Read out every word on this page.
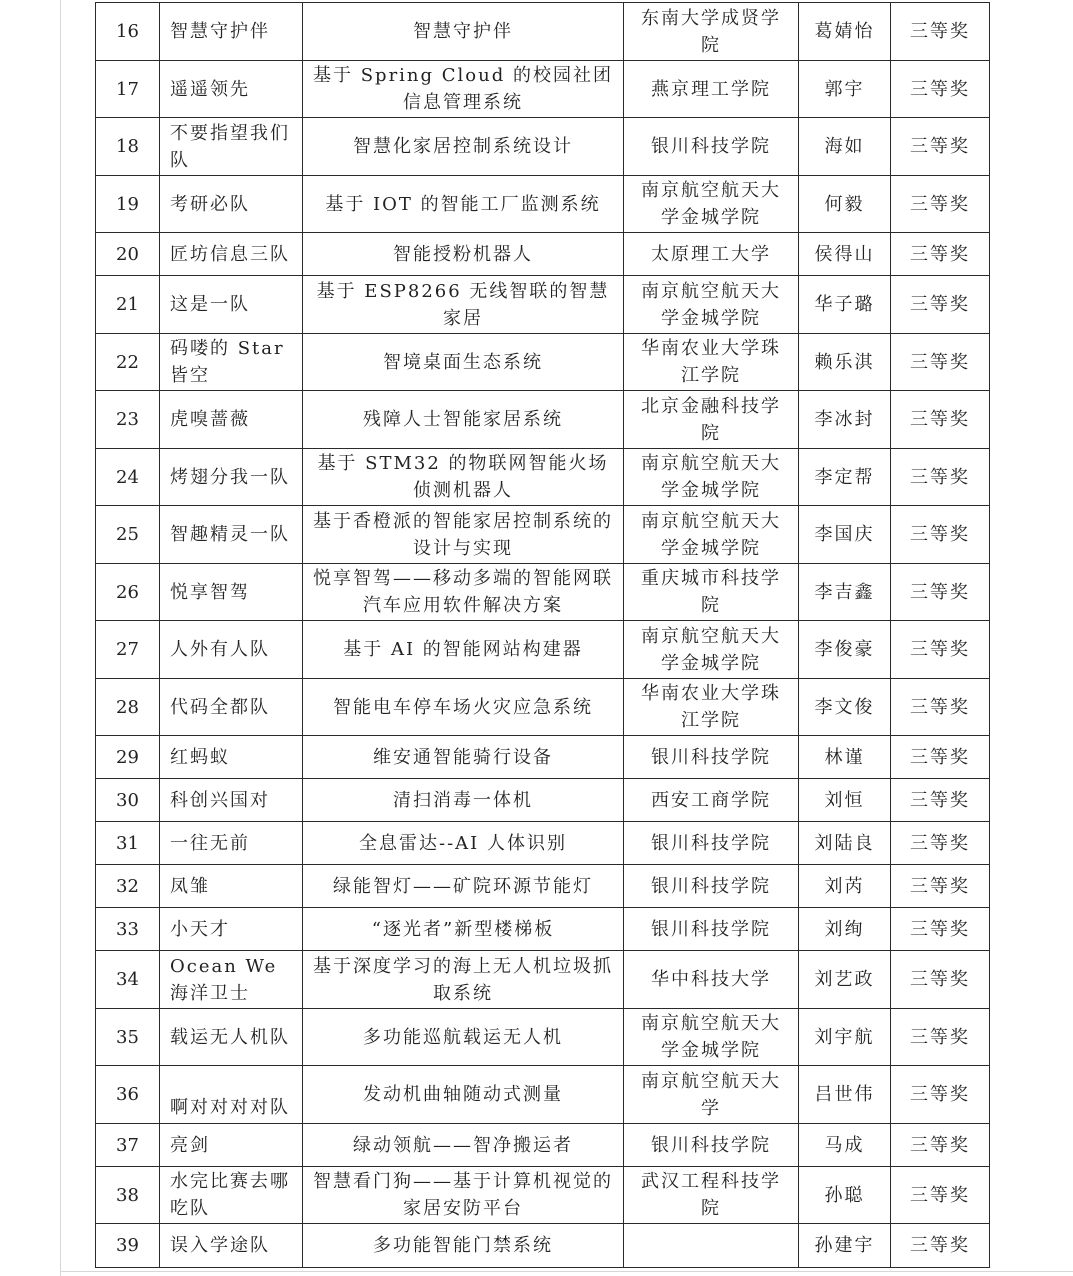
16	智慧守护伴	智慧守护伴	东南大学成贤学院	葛婧怡	三等奖
17	遥遥领先	基于 Spring Cloud 的校园社团信息管理系统	燕京理工学院	郭宇	三等奖
18	不要指望我们队	智慧化家居控制系统设计	银川科技学院	海如	三等奖
19	考研必队	基于 IOT 的智能工厂监测系统	南京航空航天大学金城学院	何毅	三等奖
20	匠坊信息三队	智能授粉机器人	太原理工大学	侯得山	三等奖
21	这是一队	基于 ESP8266 无线智联的智慧家居	南京航空航天大学金城学院	华子璐	三等奖
22	码喽的 Star 皆空	智境桌面生态系统	华南农业大学珠江学院	赖乐淇	三等奖
23	虎嗅蔷薇	残障人士智能家居系统	北京金融科技学院	李冰封	三等奖
24	烤翅分我一队	基于 STM32 的物联网智能火场侦测机器人	南京航空航天大学金城学院	李定帮	三等奖
25	智趣精灵一队	基于香橙派的智能家居控制系统的设计与实现	南京航空航天大学金城学院	李国庆	三等奖
26	悦享智驾	悦享智驾——移动多端的智能网联汽车应用软件解决方案	重庆城市科技学院	李吉鑫	三等奖
27	人外有人队	基于 AI 的智能网站构建器	南京航空航天大学金城学院	李俊豪	三等奖
28	代码全都队	智能电车停车场火灾应急系统	华南农业大学珠江学院	李文俊	三等奖
29	红蚂蚁	维安通智能骑行设备	银川科技学院	林谨	三等奖
30	科创兴国对	清扫消毒一体机	西安工商学院	刘恒	三等奖
31	一往无前	全息雷达--AI 人体识别	银川科技学院	刘陆良	三等奖
32	凤雏	绿能智灯——矿院环源节能灯	银川科技学院	刘芮	三等奖
33	小天才	“逐光者”新型楼梯板	银川科技学院	刘绚	三等奖
34	Ocean We 海洋卫士	基于深度学习的海上无人机垃圾抓取系统	华中科技大学	刘艺政	三等奖
35	载运无人机队	多功能巡航载运无人机	南京航空航天大学金城学院	刘宇航	三等奖
36	啊对对对对队	发动机曲轴随动式测量	南京航空航天大学	吕世伟	三等奖
37	亮剑	绿动领航——智净搬运者	银川科技学院	马成	三等奖
38	水完比赛去哪吃队	智慧看门狗——基于计算机视觉的家居安防平台	武汉工程科技学院	孙聪	三等奖
39	误入学途队	多功能智能门禁系统		孙建宇	三等奖
